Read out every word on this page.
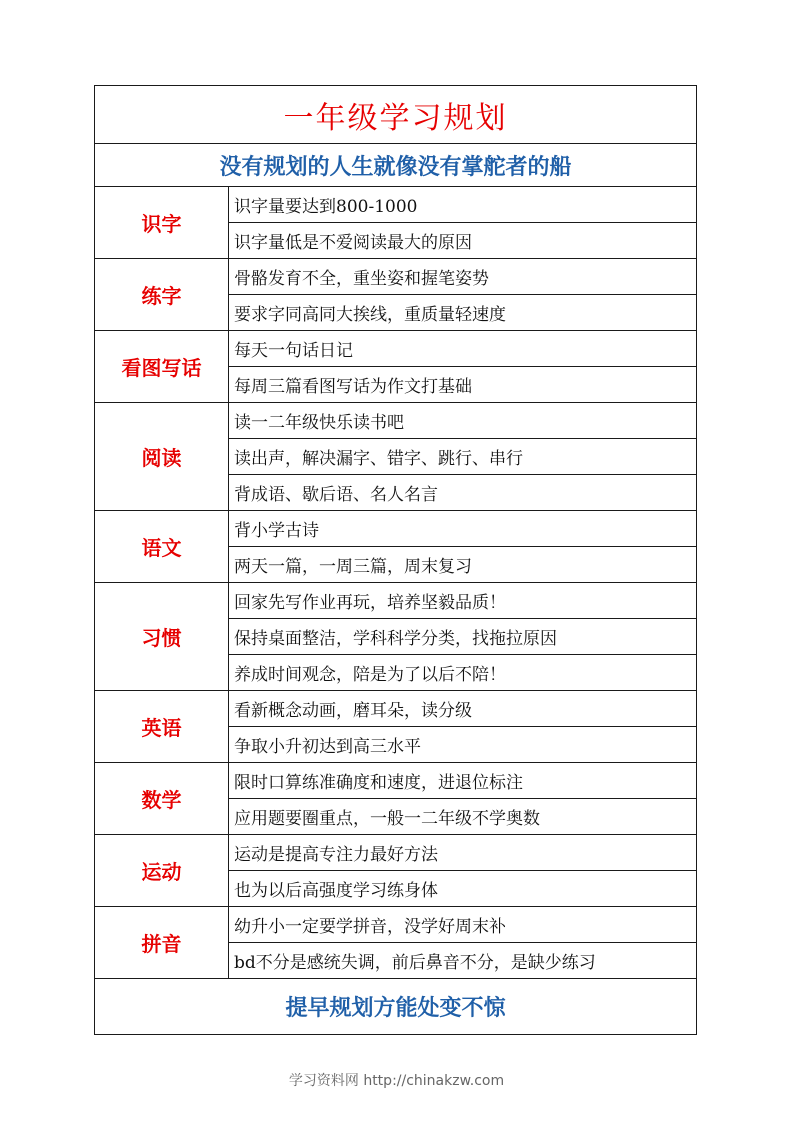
一年级学习规划	
没有规划的人生就像没有掌舵者的船	
识字	识字量要达到800-1000
	识字量低是不爱阅读最大的原因
练字	骨骼发育不全，重坐姿和握笔姿势
	要求字同高同大挨线，重质量轻速度
看图写话	每天一句话日记
	每周三篇看图写话为作文打基础
阅读	读一二年级快乐读书吧
	读出声，解决漏字、错字、跳行、串行
	背成语、歇后语、名人名言
语文	背小学古诗
	两天一篇，一周三篇，周末复习
习惯	回家先写作业再玩，培养坚毅品质！
	保持桌面整洁，学科科学分类，找拖拉原因
	养成时间观念，陪是为了以后不陪！
英语	看新概念动画，磨耳朵，读分级
	争取小升初达到高三水平
数学	限时口算练准确度和速度，进退位标注
	应用题要圈重点，一般一二年级不学奥数
运动	运动是提高专注力最好方法
	也为以后高强度学习练身体
拼音	幼升小一定要学拼音，没学好周末补
	bd不分是感统失调，前后鼻音不分，是缺少练习
提早规划方能处变不惊	
学习资料网 http://chinakzw.com
